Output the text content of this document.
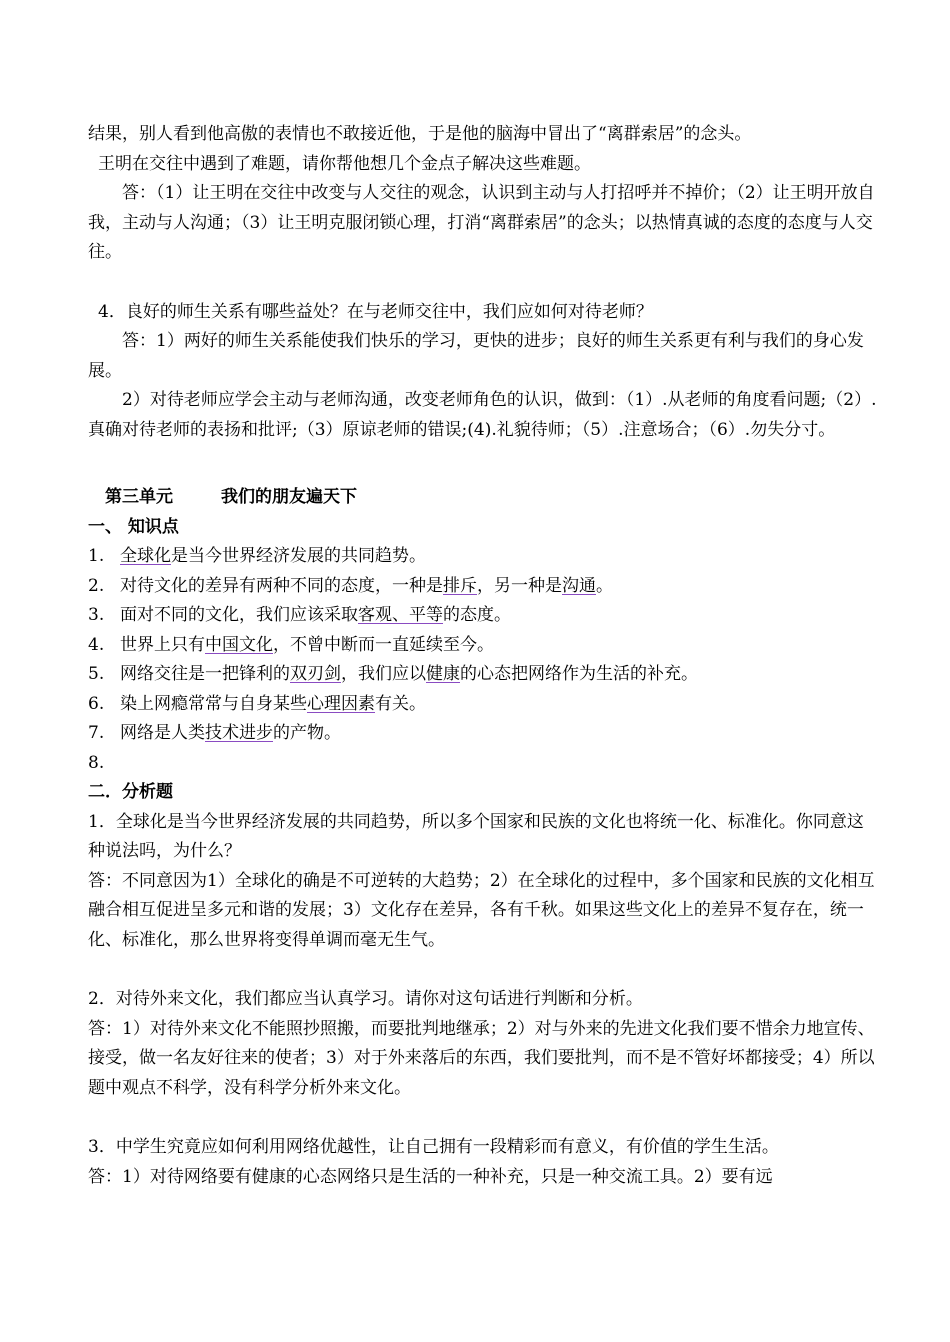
结果，别人看到他高傲的表情也不敢接近他，于是他的脑海中冒出了“离群索居”的念头。

王明在交往中遇到了难题，请你帮他想几个金点子解决这些难题。

答：（1）让王明在交往中改变与人交往的观念，认识到主动与人打招呼并不掉价；（2）让王明开放自我，主动与人沟通；（3）让王明克服闭锁心理，打消“离群索居”的念头；以热情真诚的态度的态度与人交往。

4．良好的师生关系有哪些益处？在与老师交往中，我们应如何对待老师？

答：1）两好的师生关系能使我们快乐的学习，更快的进步；良好的师生关系更有利与我们的身心发展。

2）对待老师应学会主动与老师沟通，改变老师角色的认识，做到：（1）.从老师的角度看问题;（2）.真确对待老师的表扬和批评;（3）原谅老师的错误;(4).礼貌待师；（5）.注意场合；（6）.勿失分寸。

第三单元	我们的朋友遍天下

一、 知识点

1. 全球化是当今世界经济发展的共同趋势。

2. 对待文化的差异有两种不同的态度，一种是排斥，另一种是沟通。

3. 面对不同的文化，我们应该采取客观、平等的态度。

4. 世界上只有中国文化，不曾中断而一直延续至今。

5. 网络交往是一把锋利的双刃剑，我们应以健康的心态把网络作为生活的补充。

6. 染上网瘾常常与自身某些心理因素有关。

7. 网络是人类技术进步的产物。

8.

二．分析题

1．全球化是当今世界经济发展的共同趋势，所以多个国家和民族的文化也将统一化、标准化。你同意这种说法吗，为什么？

答：不同意因为1）全球化的确是不可逆转的大趋势；2）在全球化的过程中，多个国家和民族的文化相互融合相互促进呈多元和谐的发展；3）文化存在差异，各有千秋。如果这些文化上的差异不复存在，统一化、标准化，那么世界将变得单调而毫无生气。

2．对待外来文化，我们都应当认真学习。请你对这句话进行判断和分析。

答：1）对待外来文化不能照抄照搬，而要批判地继承；2）对与外来的先进文化我们要不惜余力地宣传、接受，做一名友好往来的使者；3）对于外来落后的东西，我们要批判，而不是不管好坏都接受；4）所以题中观点不科学，没有科学分析外来文化。

3．中学生究竟应如何利用网络优越性，让自己拥有一段精彩而有意义，有价值的学生生活。

答：1）对待网络要有健康的心态网络只是生活的一种补充，只是一种交流工具。2）要有远
